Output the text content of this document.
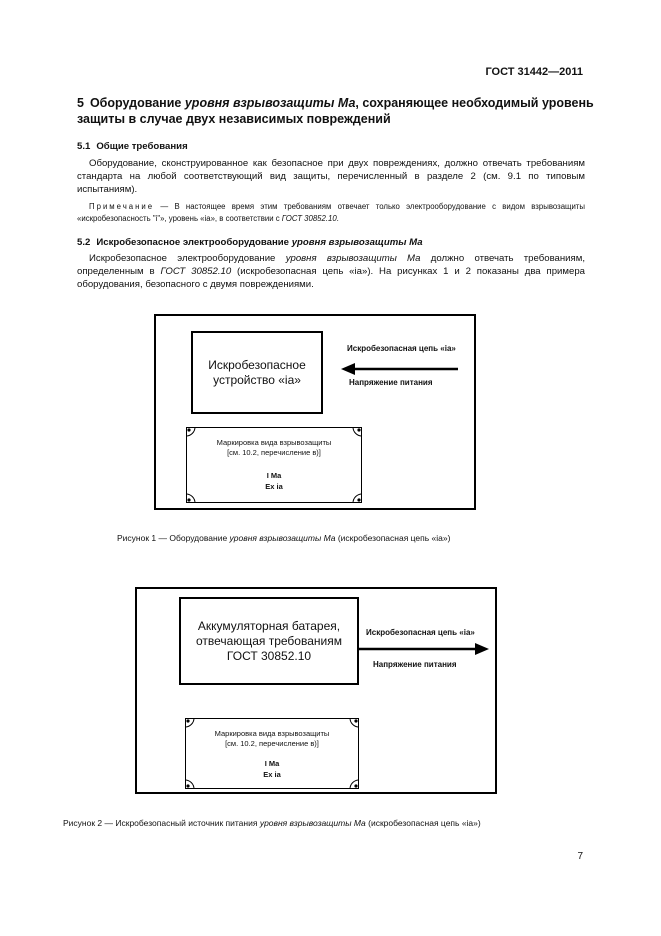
ГОСТ 31442—2011
5 Оборудование уровня взрывозащиты Ма, сохраняющее необходимый уровень защиты в случае двух независимых повреждений
5.1 Общие требования
Оборудование, сконструированное как безопасное при двух повреждениях, должно отвечать требованиям стандарта на любой соответствующий вид защиты, перечисленный в разделе 2 (см. 9.1 по типовым испытаниям).
Примечание — В настоящее время этим требованиям отвечает только электрооборудование с видом взрывозащиты «искробезопасность "i"», уровень «ia», в соответствии с ГОСТ 30852.10.
5.2 Искробезопасное электрооборудование уровня взрывозащиты Ма
Искробезопасное электрооборудование уровня взрывозащиты Ма должно отвечать требованиям, определенным в ГОСТ 30852.10 (искробезопасная цепь «ia»). На рисунках 1 и 2 показаны два примера оборудования, безопасного с двумя повреждениями.
Искробезопасное устройство «ia»
Искробезопасная цепь «ia»
Напряжение питания
Маркировка вида взрывозащиты
[см. 10.2, перечисление в)]
I Ma
Ex ia
Рисунок 1 — Оборудование уровня взрывозащиты Ма (искробезопасная цепь «ia»)
Аккумуляторная батарея, отвечающая требованиям ГОСТ 30852.10
Искробезопасная цепь «ia»
Напряжение питания
Маркировка вида взрывозащиты
[см. 10.2, перечисление в)]
I Ma
Ex ia
Рисунок 2 — Искробезопасный источник питания уровня взрывозащиты Ма (искробезопасная цепь «ia»)
7
